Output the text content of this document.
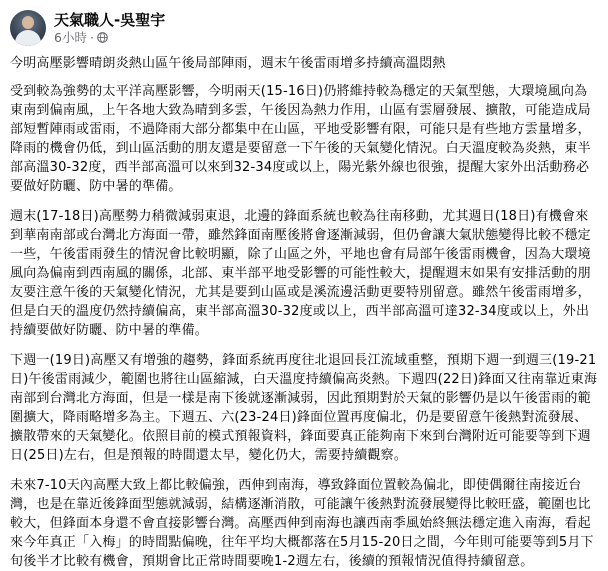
天氣職人-吳聖宇
6小時 ·

今明高壓影響晴朗炎熱山區午後局部陣雨，週末午後雷雨增多持續高溫悶熱

受到較為強勢的太平洋高壓影響，今明兩天(15-16日)仍將維持較為穩定的天氣型態，大環境風向為東南到偏南風，上午各地大致為晴到多雲，午後因為熱力作用，山區有雲層發展、擴散，可能造成局部短暫陣雨或雷雨，不過降雨大部分都集中在山區，平地受影響有限，可能只是有些地方雲量增多，降雨的機會仍低，到山區活動的朋友還是要留意一下午後的天氣變化情況。白天溫度較為炎熱，東半部高溫30-32度，西半部高溫可以來到32-34度或以上，陽光紫外線也很強，提醒大家外出活動務必要做好防曬、防中暑的準備。

週末(17-18日)高壓勢力稍微減弱東退，北邊的鋒面系統也較為往南移動，尤其週日(18日)有機會來到華南南部或台灣北方海面一帶，雖然鋒面南壓後將會逐漸減弱，但仍會讓大氣狀態變得比較不穩定一些，午後雷雨發生的情況會比較明顯，除了山區之外，平地也會有局部午後雷雨機會，因為大環境風向為偏南到西南風的關係，北部、東半部平地受影響的可能性較大，提醒週末如果有安排活動的朋友要注意午後的天氣變化情況，尤其是要到山區或是溪流邊活動更要特別留意。雖然午後雷雨增多，但是白天的溫度仍然持續偏高，東半部高溫30-32度或以上，西半部高溫可達32-34度或以上，外出持續要做好防曬、防中暑的準備。

下週一(19日)高壓又有增強的趨勢，鋒面系統再度往北退回長江流域重整，預期下週一到週三(19-21日)午後雷雨減少，範圍也將往山區縮減，白天溫度持續偏高炎熱。下週四(22日)鋒面又往南靠近東海南部到台灣北方海面，但是一樣是南下後就逐漸減弱，因此預期對於天氣的影響仍是以午後雷雨的範圍擴大，降雨略增多為主。下週五、六(23-24日)鋒面位置再度偏北，仍是要留意午後熱對流發展、擴散帶來的天氣變化。依照目前的模式預報資料，鋒面要真正能夠南下來到台灣附近可能要等到下週日(25日)左右，但是預報的時間還太早，變化仍大，需要持續觀察。

未來7-10天內高壓大致上都比較偏強，西伸到南海，導致鋒面位置較為偏北，即使偶爾往南接近台灣，也是在靠近後鋒面型態就減弱，結構逐漸消散，可能讓午後熱對流發展變得比較旺盛，範圍也比較大，但鋒面本身還不會直接影響台灣。高壓西伸到南海也讓西南季風始終無法穩定進入南海，看起來今年真正「入梅」的時間點偏晚，往年平均大概都落在5月15-20日之間，今年則可能要等到5月下旬後半才比較有機會，預期會比正常時間要晚1-2週左右，後續的預報情況值得持續留意。
